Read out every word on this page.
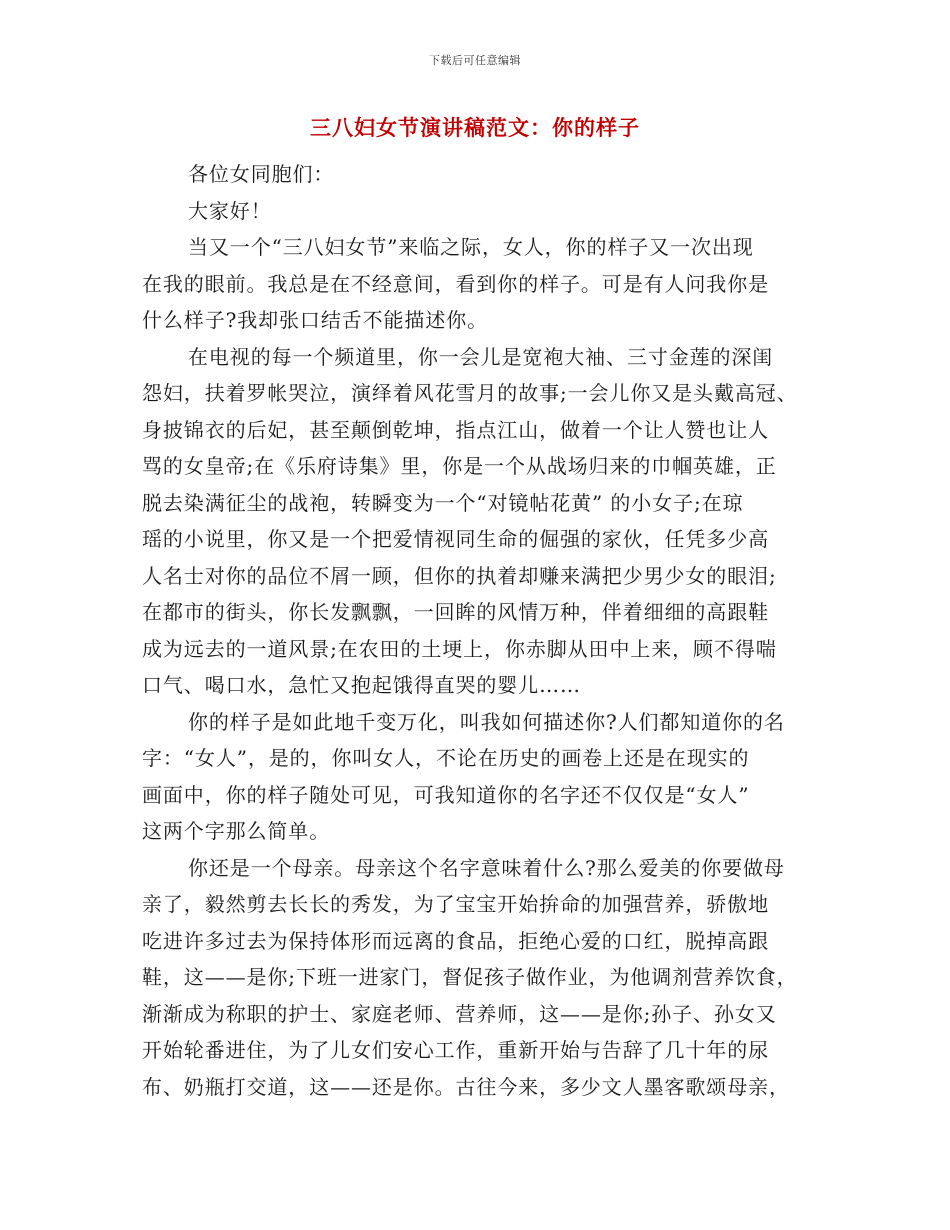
下载后可任意编辑
三八妇女节演讲稿范文：你的样子
各位女同胞们：
大家好！
当又一个“三八妇女节”来临之际，女人，你的样子又一次出现
在我的眼前。我总是在不经意间，看到你的样子。可是有人问我你是
什么样子?我却张口结舌不能描述你。
在电视的每一个频道里，你一会儿是宽袍大袖、三寸金莲的深闺
怨妇，扶着罗帐哭泣，演绎着风花雪月的故事;一会儿你又是头戴高冠、
身披锦衣的后妃，甚至颠倒乾坤，指点江山，做着一个让人赞也让人
骂的女皇帝;在《乐府诗集》里，你是一个从战场归来的巾帼英雄，正
脱去染满征尘的战袍，转瞬变为一个“对镜帖花黄” 的小女子;在琼
瑶的小说里，你又是一个把爱情视同生命的倔强的家伙，任凭多少高
人名士对你的品位不屑一顾，但你的执着却赚来满把少男少女的眼泪;
在都市的街头，你长发飘飘，一回眸的风情万种，伴着细细的高跟鞋
成为远去的一道风景;在农田的土埂上，你赤脚从田中上来，顾不得喘
口气、喝口水，急忙又抱起饿得直哭的婴儿……
你的样子是如此地千变万化，叫我如何描述你?人们都知道你的名
字：“女人”，是的，你叫女人，不论在历史的画卷上还是在现实的
画面中，你的样子随处可见，可我知道你的名字还不仅仅是“女人”
这两个字那么简单。
你还是一个母亲。母亲这个名字意味着什么?那么爱美的你要做母
亲了，毅然剪去长长的秀发，为了宝宝开始拚命的加强营养，骄傲地
吃进许多过去为保持体形而远离的食品，拒绝心爱的口红，脱掉高跟
鞋，这——是你;下班一进家门，督促孩子做作业，为他调剂营养饮食，
渐渐成为称职的护士、家庭老师、营养师，这——是你;孙子、孙女又
开始轮番进住，为了儿女们安心工作，重新开始与告辞了几十年的尿
布、奶瓶打交道，这——还是你。古往今来，多少文人墨客歌颂母亲，
